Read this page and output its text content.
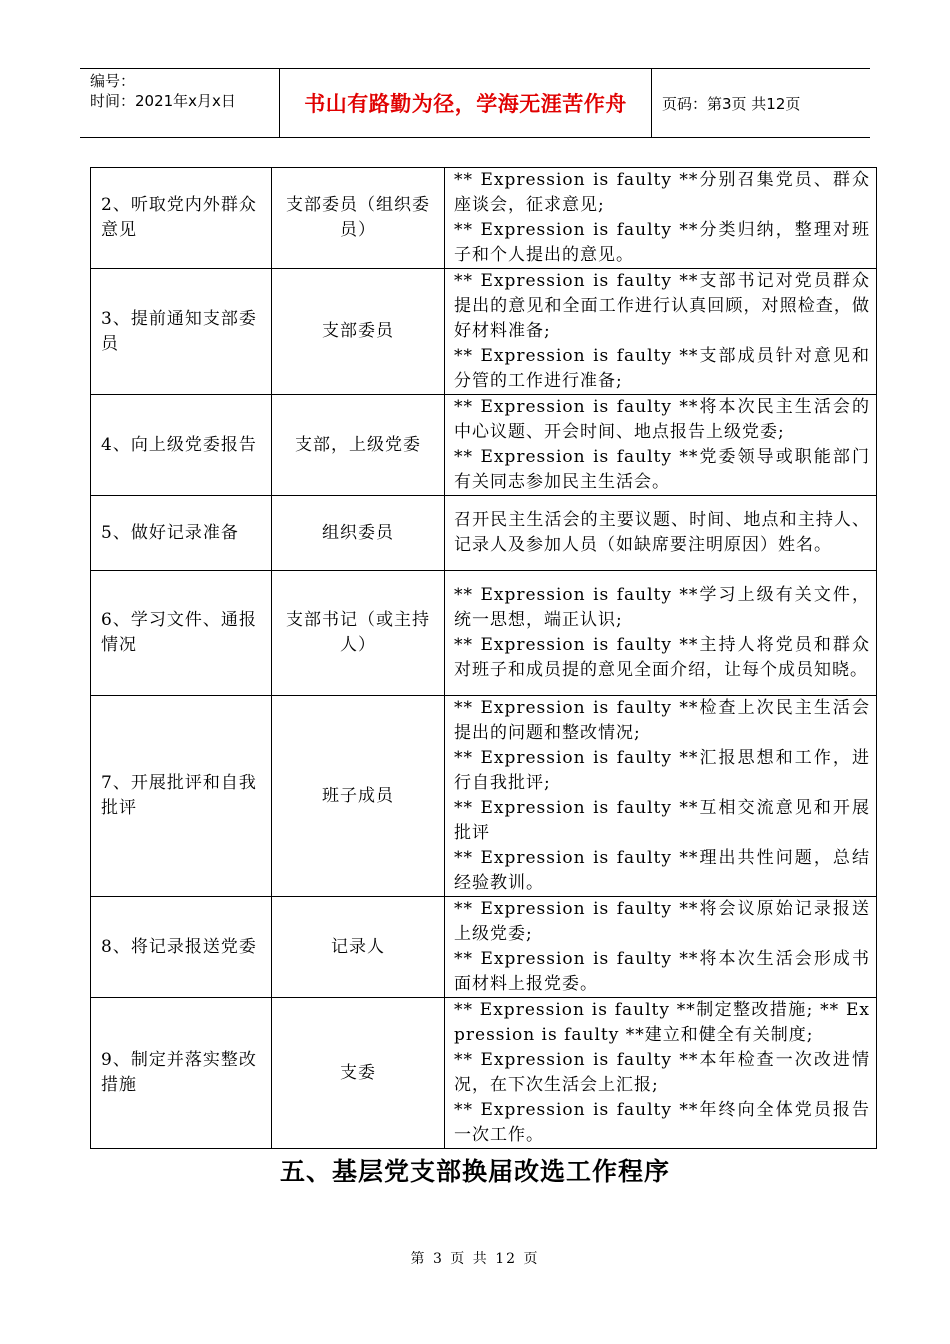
编号：
时间：2021年x月x日	书山有路勤为径，学海无涯苦作舟	页码：第3页 共12页
2、听取党内外群众意见	支部委员（组织委员）	** Expression is faulty **分别召集党员、群众座谈会，征求意见;
** Expression is faulty **分类归纳，整理对班子和个人提出的意见。

3、提前通知支部委员	支部委员	** Expression is faulty **支部书记对党员群众提出的意见和全面工作进行认真回顾，对照检查，做好材料准备;
** Expression is faulty **支部成员针对意见和分管的工作进行准备;

4、向上级党委报告	支部，上级党委	** Expression is faulty **将本次民主生活会的中心议题、开会时间、地点报告上级党委;
** Expression is faulty **党委领导或职能部门有关同志参加民主生活会。

5、做好记录准备	组织委员	召开民主生活会的主要议题、时间、地点和主持人、记录人及参加人员（如缺席要注明原因）姓名。

6、学习文件、通报情况	支部书记（或主持人）	** Expression is faulty **学习上级有关文件，统一思想，端正认识;
** Expression is faulty **主持人将党员和群众对班子和成员提的意见全面介绍，让每个成员知晓。

7、开展批评和自我批评	班子成员	** Expression is faulty **检查上次民主生活会提出的问题和整改情况;
** Expression is faulty **汇报思想和工作，进行自我批评;
** Expression is faulty **互相交流意见和开展批评
** Expression is faulty **理出共性问题，总结经验教训。

8、将记录报送党委	记录人	** Expression is faulty **将会议原始记录报送上级党委;
** Expression is faulty **将本次生活会形成书面材料上报党委。

9、制定并落实整改措施	支委	** Expression is faulty **制定整改措施; ** Expression is faulty **建立和健全有关制度;
** Expression is faulty **本年检查一次改进情况，在下次生活会上汇报;
** Expression is faulty **年终向全体党员报告一次工作。
五、基层党支部换届改选工作程序
第 3 页 共 12 页
